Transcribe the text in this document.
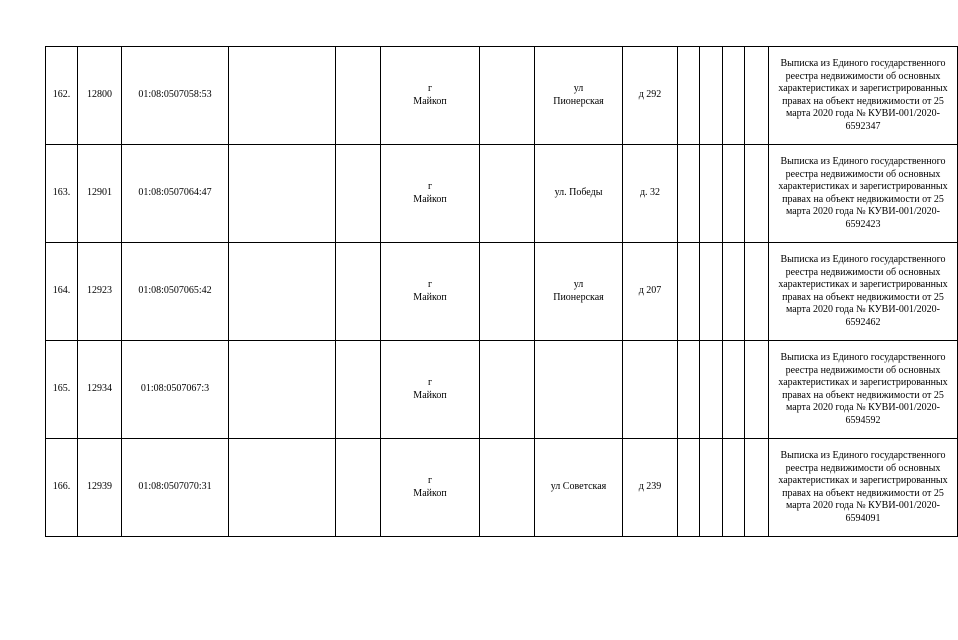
162.	12800	01:08:0507058:53			г
Майкоп		ул
Пионерская	д 292					Выписка из Единого государственного реестра недвижимости об основных характеристиках и зарегистрированных правах на объект недвижимости от 25 марта 2020 года № КУВИ-001/2020-6592347
163.	12901	01:08:0507064:47			г
Майкоп		ул. Победы	д. 32					Выписка из Единого государственного реестра недвижимости об основных характеристиках и зарегистрированных правах на объект недвижимости от 25 марта 2020 года № КУВИ-001/2020-6592423
164.	12923	01:08:0507065:42			г
Майкоп		ул
Пионерская	д 207					Выписка из Единого государственного реестра недвижимости об основных характеристиках и зарегистрированных правах на объект недвижимости от 25 марта 2020 года № КУВИ-001/2020-6592462
165.	12934	01:08:0507067:3			г
Майкоп								Выписка из Единого государственного реестра недвижимости об основных характеристиках и зарегистрированных правах на объект недвижимости от 25 марта 2020 года № КУВИ-001/2020-6594592
166.	12939	01:08:0507070:31			г
Майкоп		ул Советская	д 239					Выписка из Единого государственного реестра недвижимости об основных характеристиках и зарегистрированных правах на объект недвижимости от 25 марта 2020 года № КУВИ-001/2020-6594091
